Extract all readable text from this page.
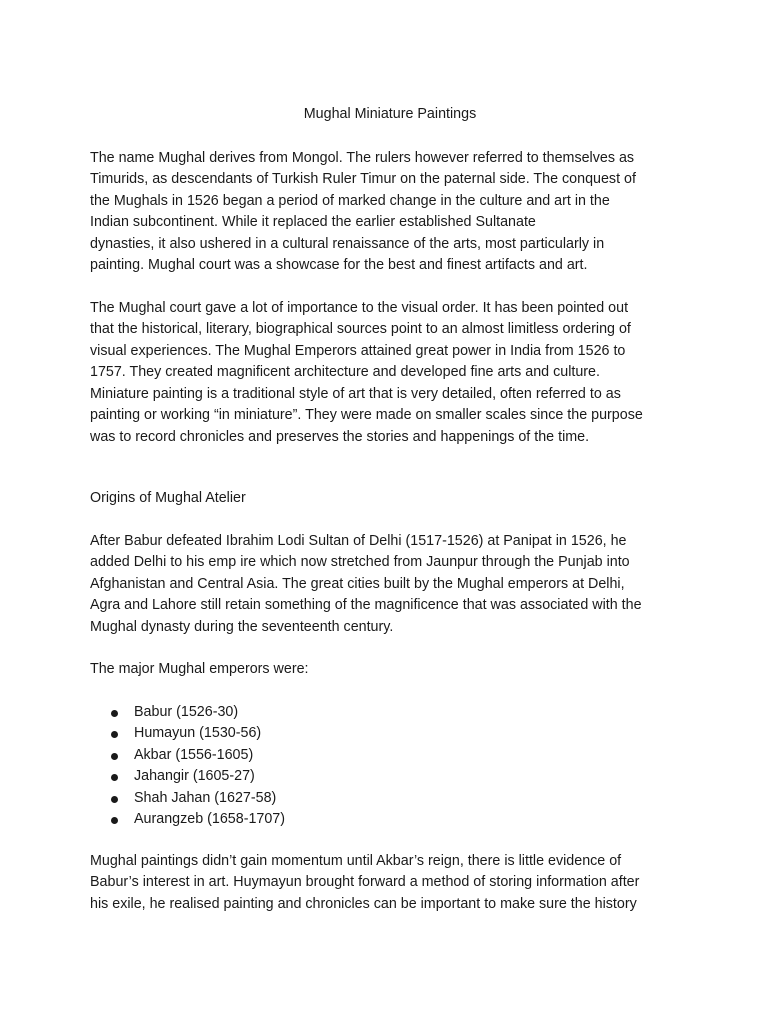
Mughal Miniature Paintings
The name Mughal derives from Mongol. The rulers however referred to themselves as
Timurids, as descendants of Turkish Ruler Timur on the paternal side. The conquest of
the Mughals in 1526 began a period of marked change in the culture and art in the
Indian subcontinent. While it replaced the earlier established Sultanate
dynasties, it also ushered in a cultural renaissance of the arts, most particularly in
painting. Mughal court was a showcase for the best and finest artifacts and art.
The Mughal court gave a lot of importance to the visual order. It has been pointed out
that the historical, literary, biographical sources point to an almost limitless ordering of
visual experiences. The Mughal Emperors attained great power in India from 1526 to
1757. They created magnificent architecture and developed fine arts and culture.
Miniature painting is a traditional style of art that is very detailed, often referred to as
painting or working “in miniature”. They were made on smaller scales since the purpose
was to record chronicles and preserves the stories and happenings of the time.
Origins of Mughal Atelier
After Babur defeated Ibrahim Lodi Sultan of Delhi (1517-1526) at Panipat in 1526, he
added Delhi to his emp ire which now stretched from Jaunpur through the Punjab into
Afghanistan and Central Asia. The great cities built by the Mughal emperors at Delhi,
Agra and Lahore still retain something of the magnificence that was associated with the
Mughal dynasty during the seventeenth century.
The major Mughal emperors were:
Babur (1526-30)
Humayun (1530-56)
Akbar (1556-1605)
Jahangir (1605-27)
Shah Jahan (1627-58)
Aurangzeb (1658-1707)
Mughal paintings didn’t gain momentum until Akbar’s reign, there is little evidence of
Babur’s interest in art. Huymayun brought forward a method of storing information after
his exile, he realised painting and chronicles can be important to make sure the history
